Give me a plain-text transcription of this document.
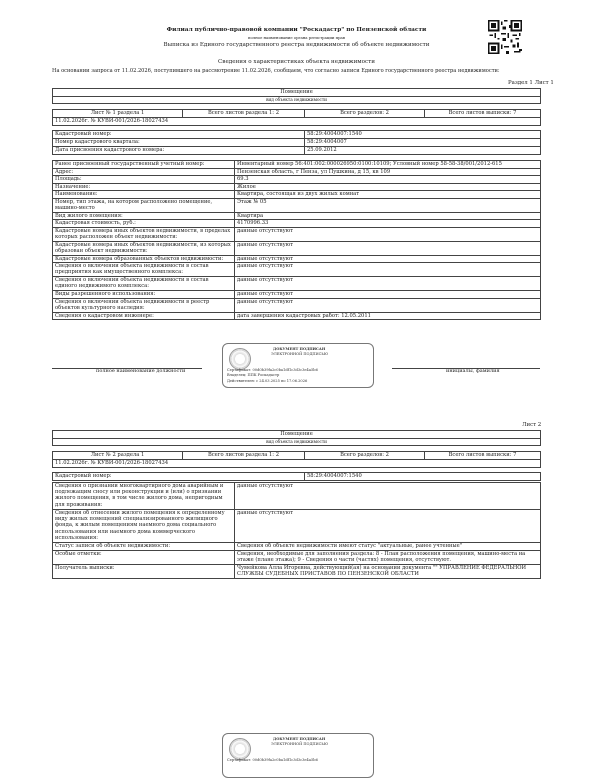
Филиал публично-правовой компании "Роскадастр" по Пензенской области
полное наименование органа регистрации прав
Выписка из Единого государственного реестра недвижимости об объекте недвижимости
Сведения о характеристиках объекта недвижимости
На основании запроса от 11.02.2026, поступившего на рассмотрение 11.02.2026, сообщаем, что согласно записи Единого государственного реестра недвижимости:
Раздел 1 Лист 1
Помещение			
вид объекта недвижимости			

Лист № 1 раздела 1	Всего листов раздела 1: 2	Всего разделов: 2	Всего листов выписки: 7
11.02.2026г. № КУВИ-001/2026-18027434			

Кадастровый номер:		58:29:4004007:1540	
Номер кадастрового квартала:		58:29:4004007	
Дата присвоения кадастрового номера:		25.09.2012	
Ранее присвоенный государственный учетный номер:	Инвентарный номер 56:401:002:000026950:0100:10109; Условный номер 58-58-38/001/2012-615
Адрес:	Пензенская область, г Пенза, ул Пушкина, д 15, кв 109
Площадь:	69.3
Назначение:	Жилое
Наименование:	Квартира, состоящая из двух жилых комнат
Номер, тип этажа, на котором расположено помещение, машино-место	Этаж № 05
Вид жилого помещения:	Квартира
Кадастровая стоимость, руб.:	4170996.33
Кадастровые номера иных объектов недвижимости, в пределах которых расположен объект недвижимости:	данные отсутствуют
Кадастровые номера иных объектов недвижимости, из которых образован объект недвижимости:	данные отсутствуют
Кадастровые номера образованных объектов недвижимости:	данные отсутствуют
Сведения о включении объекта недвижимости в состав предприятия как имущественного комплекса:	данные отсутствуют
Сведения о включении объекта недвижимости в состав единого недвижимого комплекса:	данные отсутствуют
Виды разрешенного использования:	данные отсутствуют
Сведения о включении объекта недвижимости в реестр объектов культурного наследия:	данные отсутствуют
Сведения о кадастровом инженере:	дата завершения кадастровых работ: 12.05.2011
полное наименование должности	инициалы, фамилия
ДОКУМЕНТ ПОДПИСАН
ЭЛЕКТРОННОЙ ПОДПИСЬЮ
Сертификат: 00d0b39fa2c0ba1df1c3d3c3e4a5b6
Владелец: ППК Роскадастр
Действителен: с 24.03.2025 по 17.06.2026
Лист 2
Помещение			
вид объекта недвижимости			

Лист № 2 раздела 1	Всего листов раздела 1: 2	Всего разделов: 2	Всего листов выписки: 7
11.02.2026г. № КУВИ-001/2026-18027434			

Кадастровый номер:		58:29:4004007:1540	
Сведения о признании многоквартирного дома аварийным и подлежащим сносу или реконструкции и (или) о признании жилого помещения, в том числе жилого дома, непригодным для проживания:	данные отсутствуют
Сведения об отнесении жилого помещения к определенному виду жилых помещений специализированного жилищного фонда, к жилым помещениям наемного дома социального использования или наемного дома коммерческого использования:	данные отсутствуют
Статус записи об объекте недвижимости:	Сведения об объекте недвижимости имеют статус "актуальные, ранее учтенные"
Особые отметки:	Сведения, необходимые для заполнения раздела: 8 - План расположения помещения, машино-места на этаже (плане этажа); 9 - Сведения о части (частях) помещения, отсутствуют.
Получатель выписки:	Чумейкова Алла Игоревна, действующий(ая) на основании документа "" УПРАВЛЕНИЕ ФЕДЕРАЛЬНОЙ СЛУЖБЫ СУДЕБНЫХ ПРИСТАВОВ ПО ПЕНЗЕНСКОЙ ОБЛАСТИ
ДОКУМЕНТ ПОДПИСАН
ЭЛЕКТРОННОЙ ПОДПИСЬЮ
Сертификат: 00d0b39fa2c0ba1df1c3d3c3e4a5b6
